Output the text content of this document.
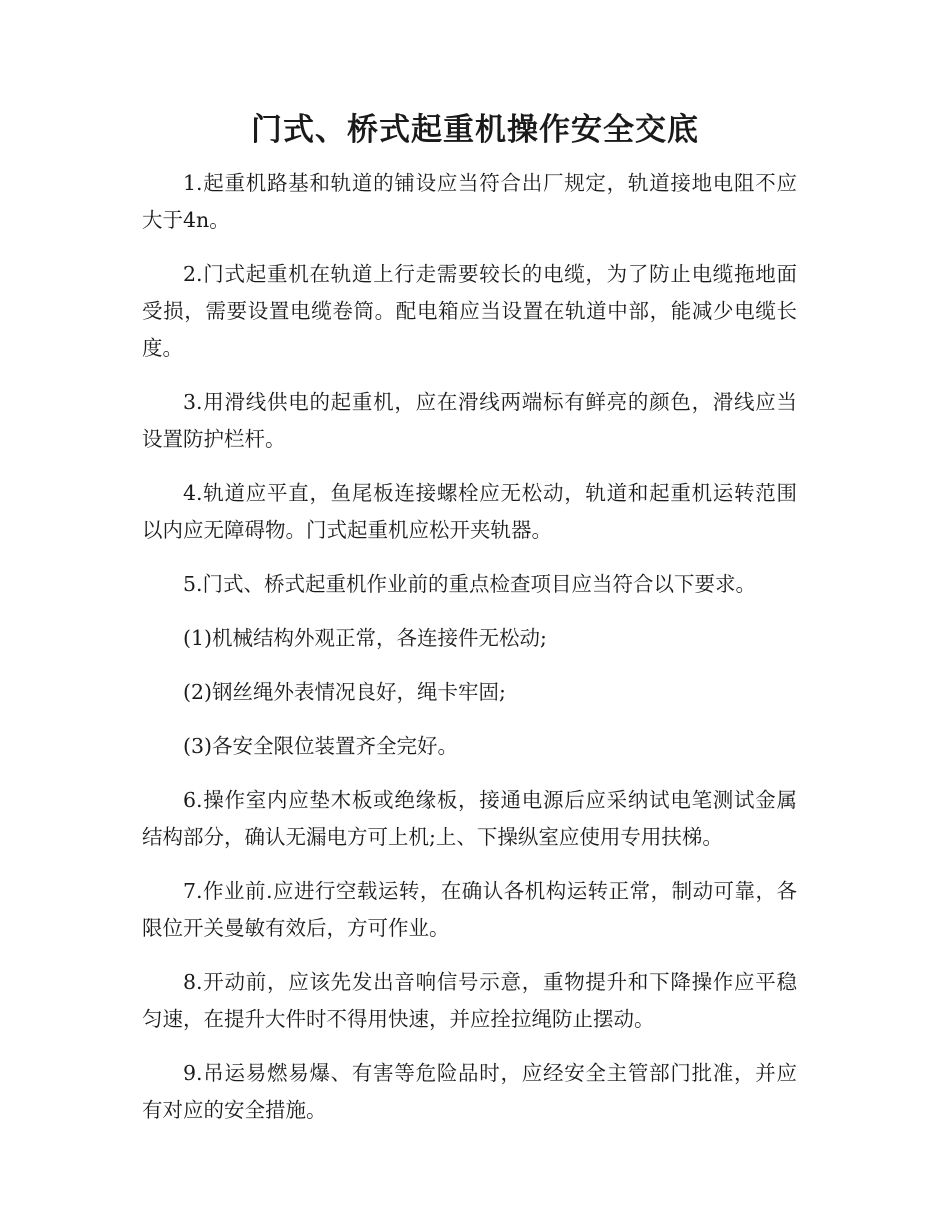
门式、桥式起重机操作安全交底

1.起重机路基和轨道的铺设应当符合出厂规定，轨道接地电阻不应大于4n。

2.门式起重机在轨道上行走需要较长的电缆，为了防止电缆拖地面受损，需要设置电缆卷筒。配电箱应当设置在轨道中部，能减少电缆长度。

3.用滑线供电的起重机，应在滑线两端标有鲜亮的颜色，滑线应当设置防护栏杆。

4.轨道应平直，鱼尾板连接螺栓应无松动，轨道和起重机运转范围以内应无障碍物。门式起重机应松开夹轨器。

5.门式、桥式起重机作业前的重点检查项目应当符合以下要求。

(1)机械结构外观正常，各连接件无松动;

(2)钢丝绳外表情况良好，绳卡牢固;

(3)各安全限位装置齐全完好。

6.操作室内应垫木板或绝缘板，接通电源后应采纳试电笔测试金属结构部分，确认无漏电方可上机;上、下操纵室应使用专用扶梯。

7.作业前.应进行空载运转，在确认各机构运转正常，制动可靠，各限位开关曼敏有效后，方可作业。

8.开动前，应该先发出音响信号示意，重物提升和下降操作应平稳匀速，在提升大件时不得用快速，并应拴拉绳防止摆动。

9.吊运易燃易爆、有害等危险品时，应经安全主管部门批准，并应有对应的安全措施。
